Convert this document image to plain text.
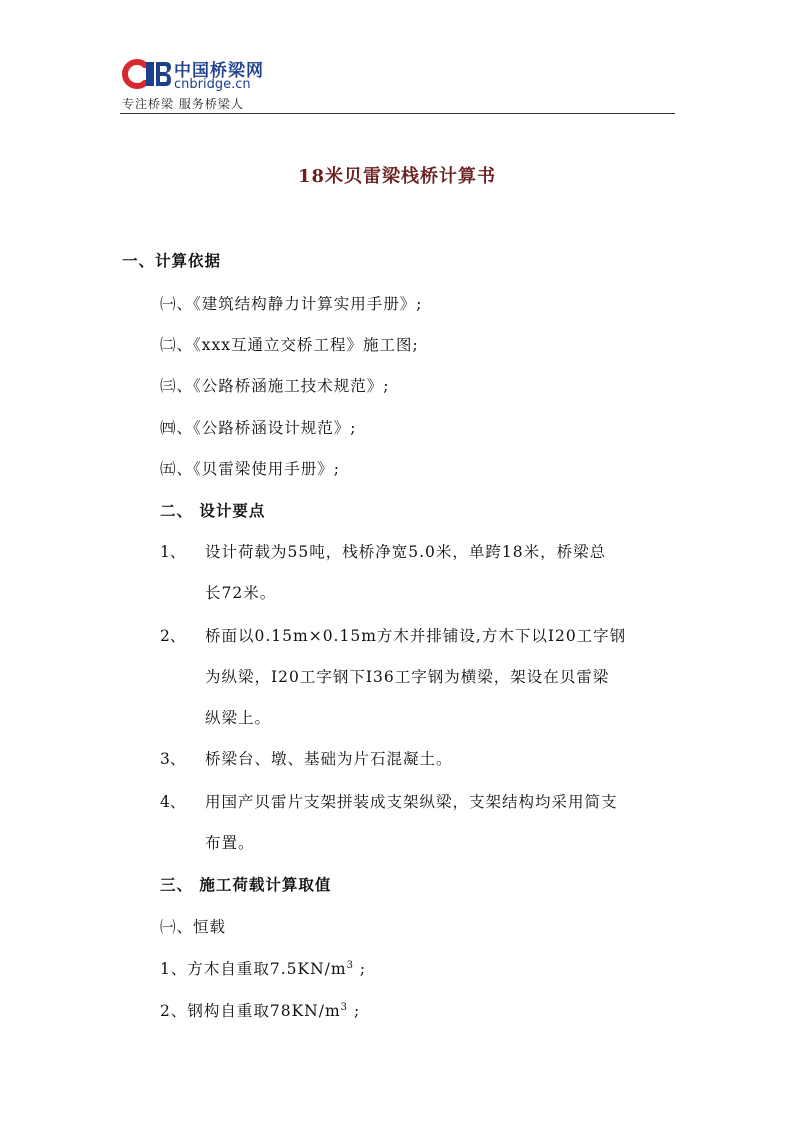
中国桥梁网
cnbridge.cn
专注桥梁 服务桥梁人
18米贝雷梁栈桥计算书
一、计算依据
㈠、《建筑结构静力计算实用手册》;
㈡、《xxx互通立交桥工程》施工图;
㈢、《公路桥涵施工技术规范》;
㈣、《公路桥涵设计规范》;
㈤、《贝雷梁使用手册》;
二、 设计要点
1、 设计荷载为55吨，栈桥净宽5.0米，单跨18米，桥梁总
长72米。
2、 桥面以0.15m×0.15m方木并排铺设,方木下以I20工字钢
为纵梁，I20工字钢下I36工字钢为横梁，架设在贝雷梁
纵梁上。
3、 桥梁台、墩、基础为片石混凝土。
4、 用国产贝雷片支架拼装成支架纵梁，支架结构均采用简支
布置。
三、 施工荷载计算取值
㈠、恒载
1、方木自重取$7.5KN/m^3$ ;
2、钢构自重取$78KN/m^3$ ;
